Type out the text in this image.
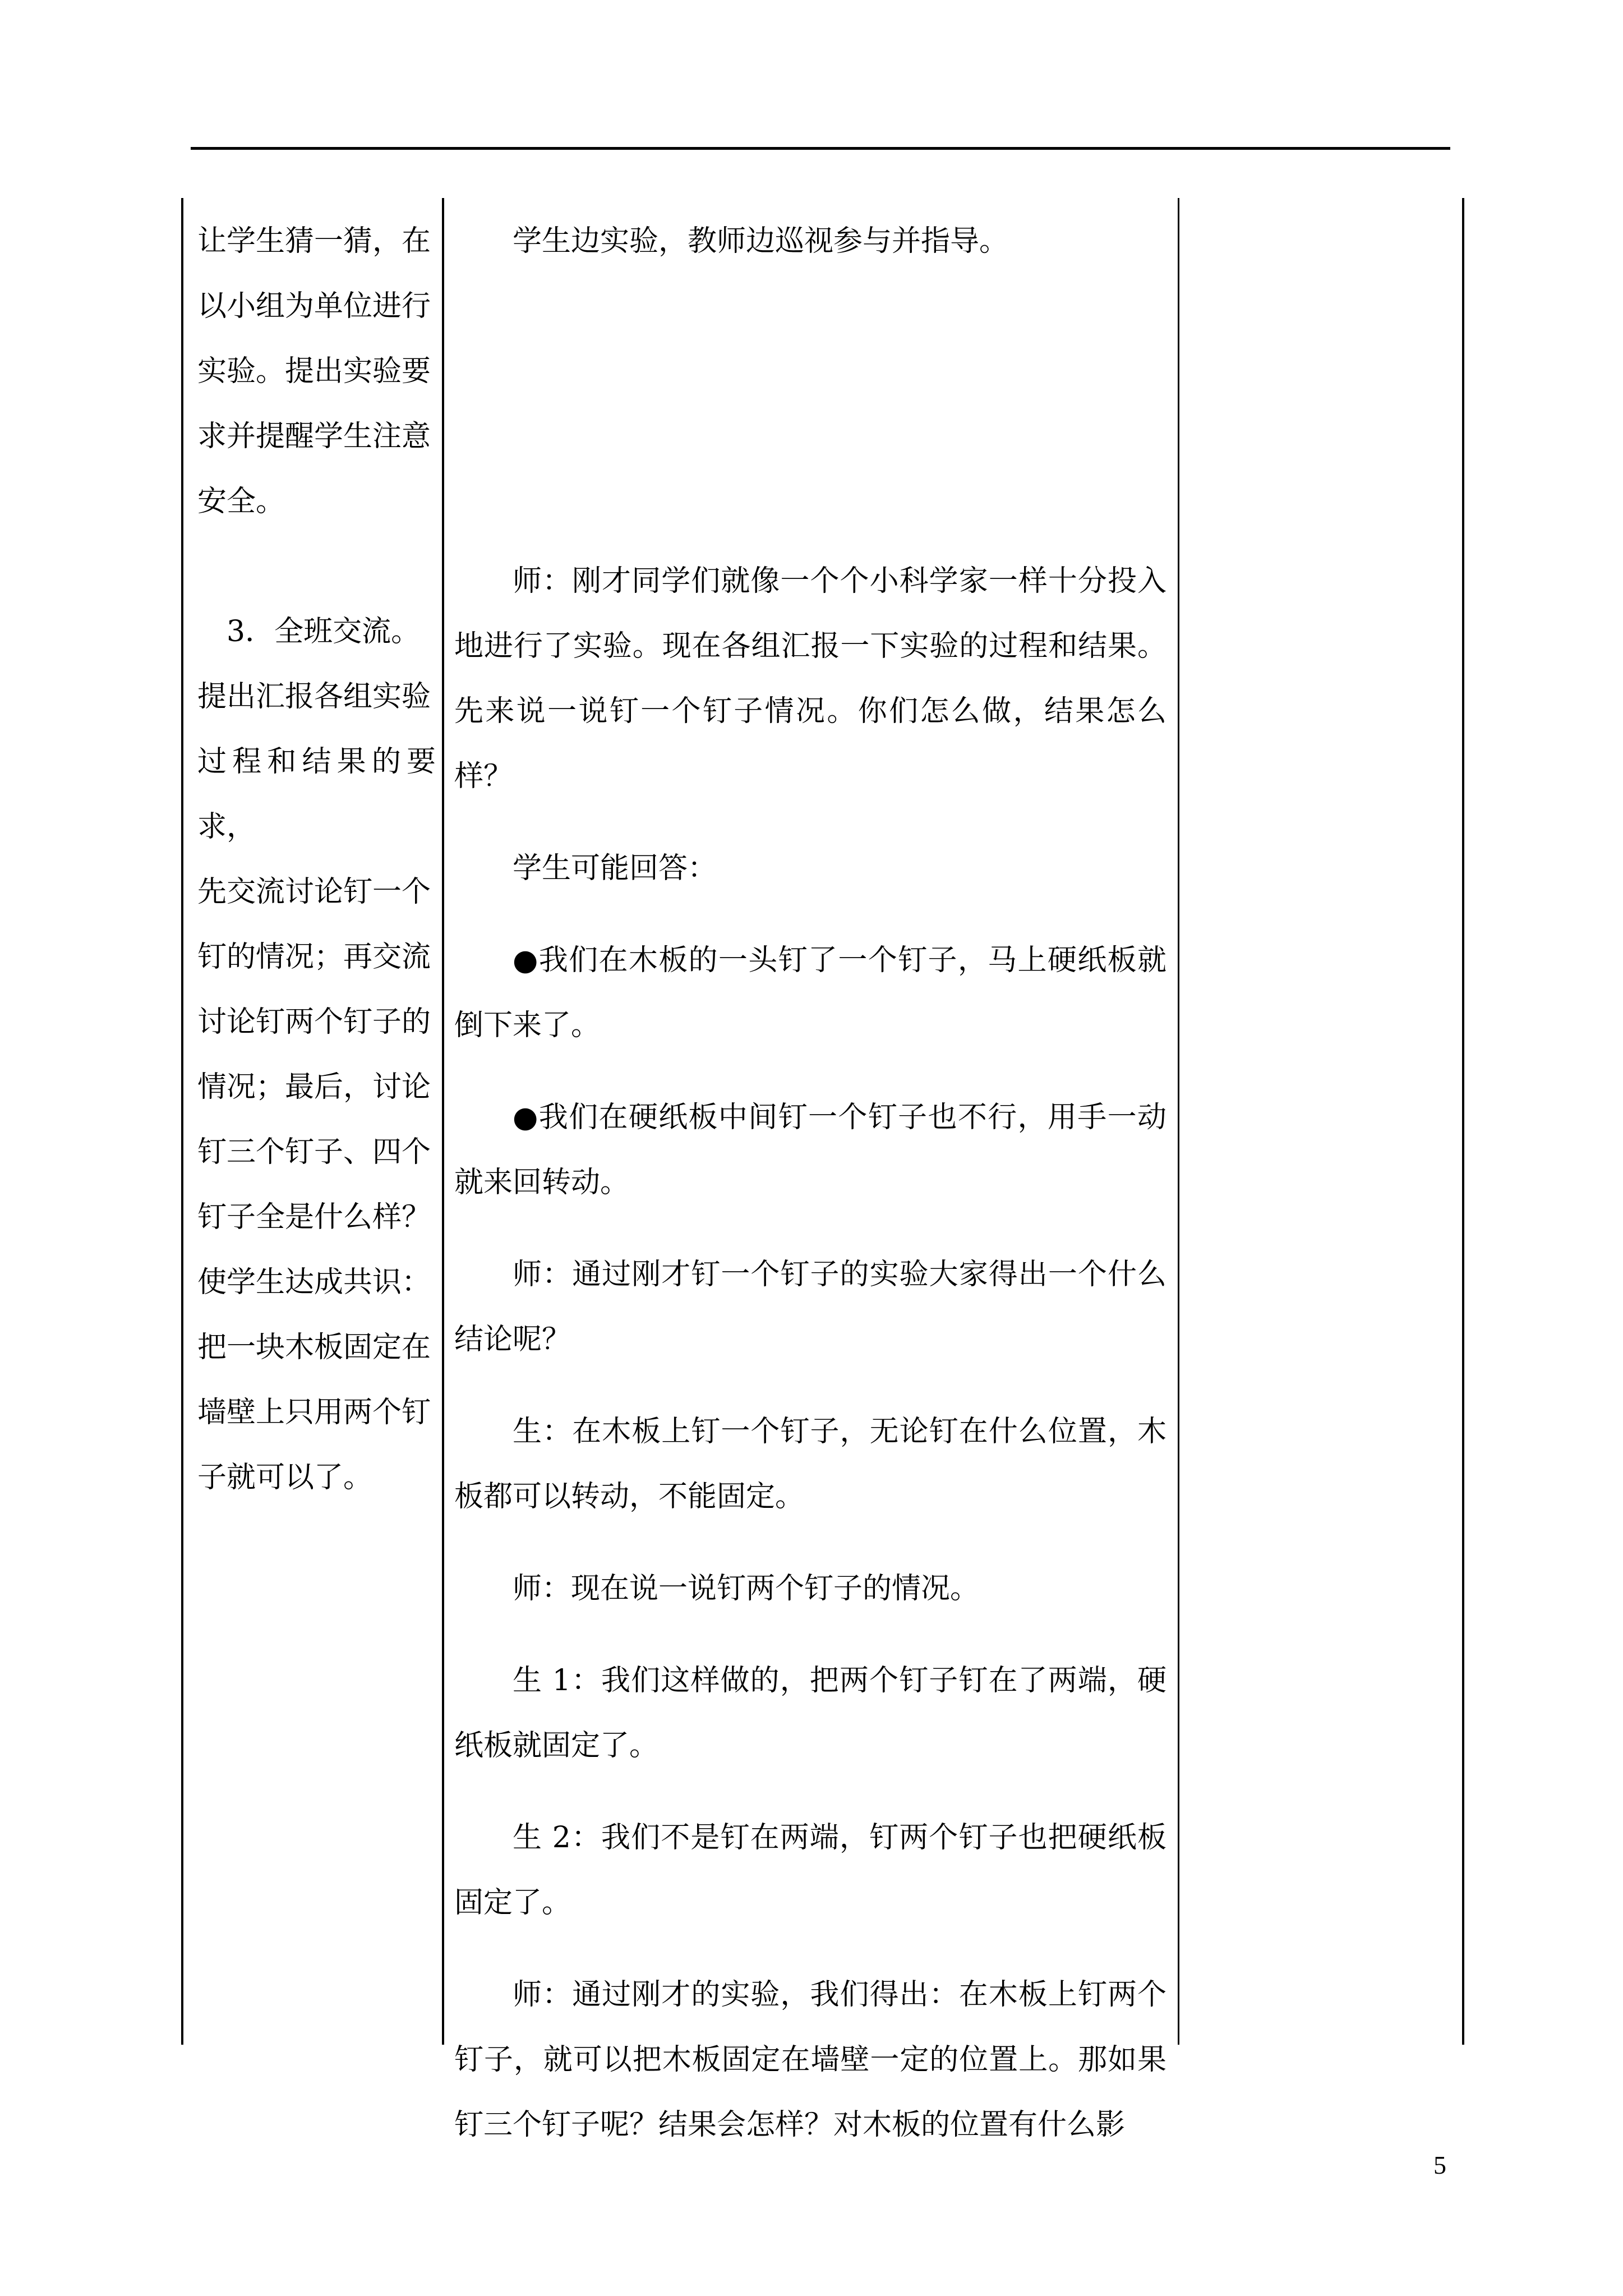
让学生猜一猜，在

以小组为单位进行

实验。提出实验要

求并提醒学生注意

安全。

　3．全班交流。

提出汇报各组实验

过程和结果的要求，

先交流讨论钉一个

钉的情况；再交流

讨论钉两个钉子的

情况；最后，讨论

钉三个钉子、四个

钉子全是什么样？

使学生达成共识：

把一块木板固定在

墙壁上只用两个钉

子就可以了。

学生边实验，教师边巡视参与并指导。

师：刚才同学们就像一个个小科学家一样十分投入地进行了实验。现在各组汇报一下实验的过程和结果。先来说一说钉一个钉子情况。你们怎么做，结果怎么样？

学生可能回答：

●我们在木板的一头钉了一个钉子，马上硬纸板就倒下来了。

●我们在硬纸板中间钉一个钉子也不行，用手一动就来回转动。

师：通过刚才钉一个钉子的实验大家得出一个什么结论呢？

生：在木板上钉一个钉子，无论钉在什么位置，木板都可以转动，不能固定。

师：现在说一说钉两个钉子的情况。

生 1：我们这样做的，把两个钉子钉在了两端，硬纸板就固定了。

生 2：我们不是钉在两端，钉两个钉子也把硬纸板固定了。

师：通过刚才的实验，我们得出：在木板上钉两个钉子，就可以把木板固定在墙壁一定的位置上。那如果钉三个钉子呢？结果会怎样？对木板的位置有什么影

5
